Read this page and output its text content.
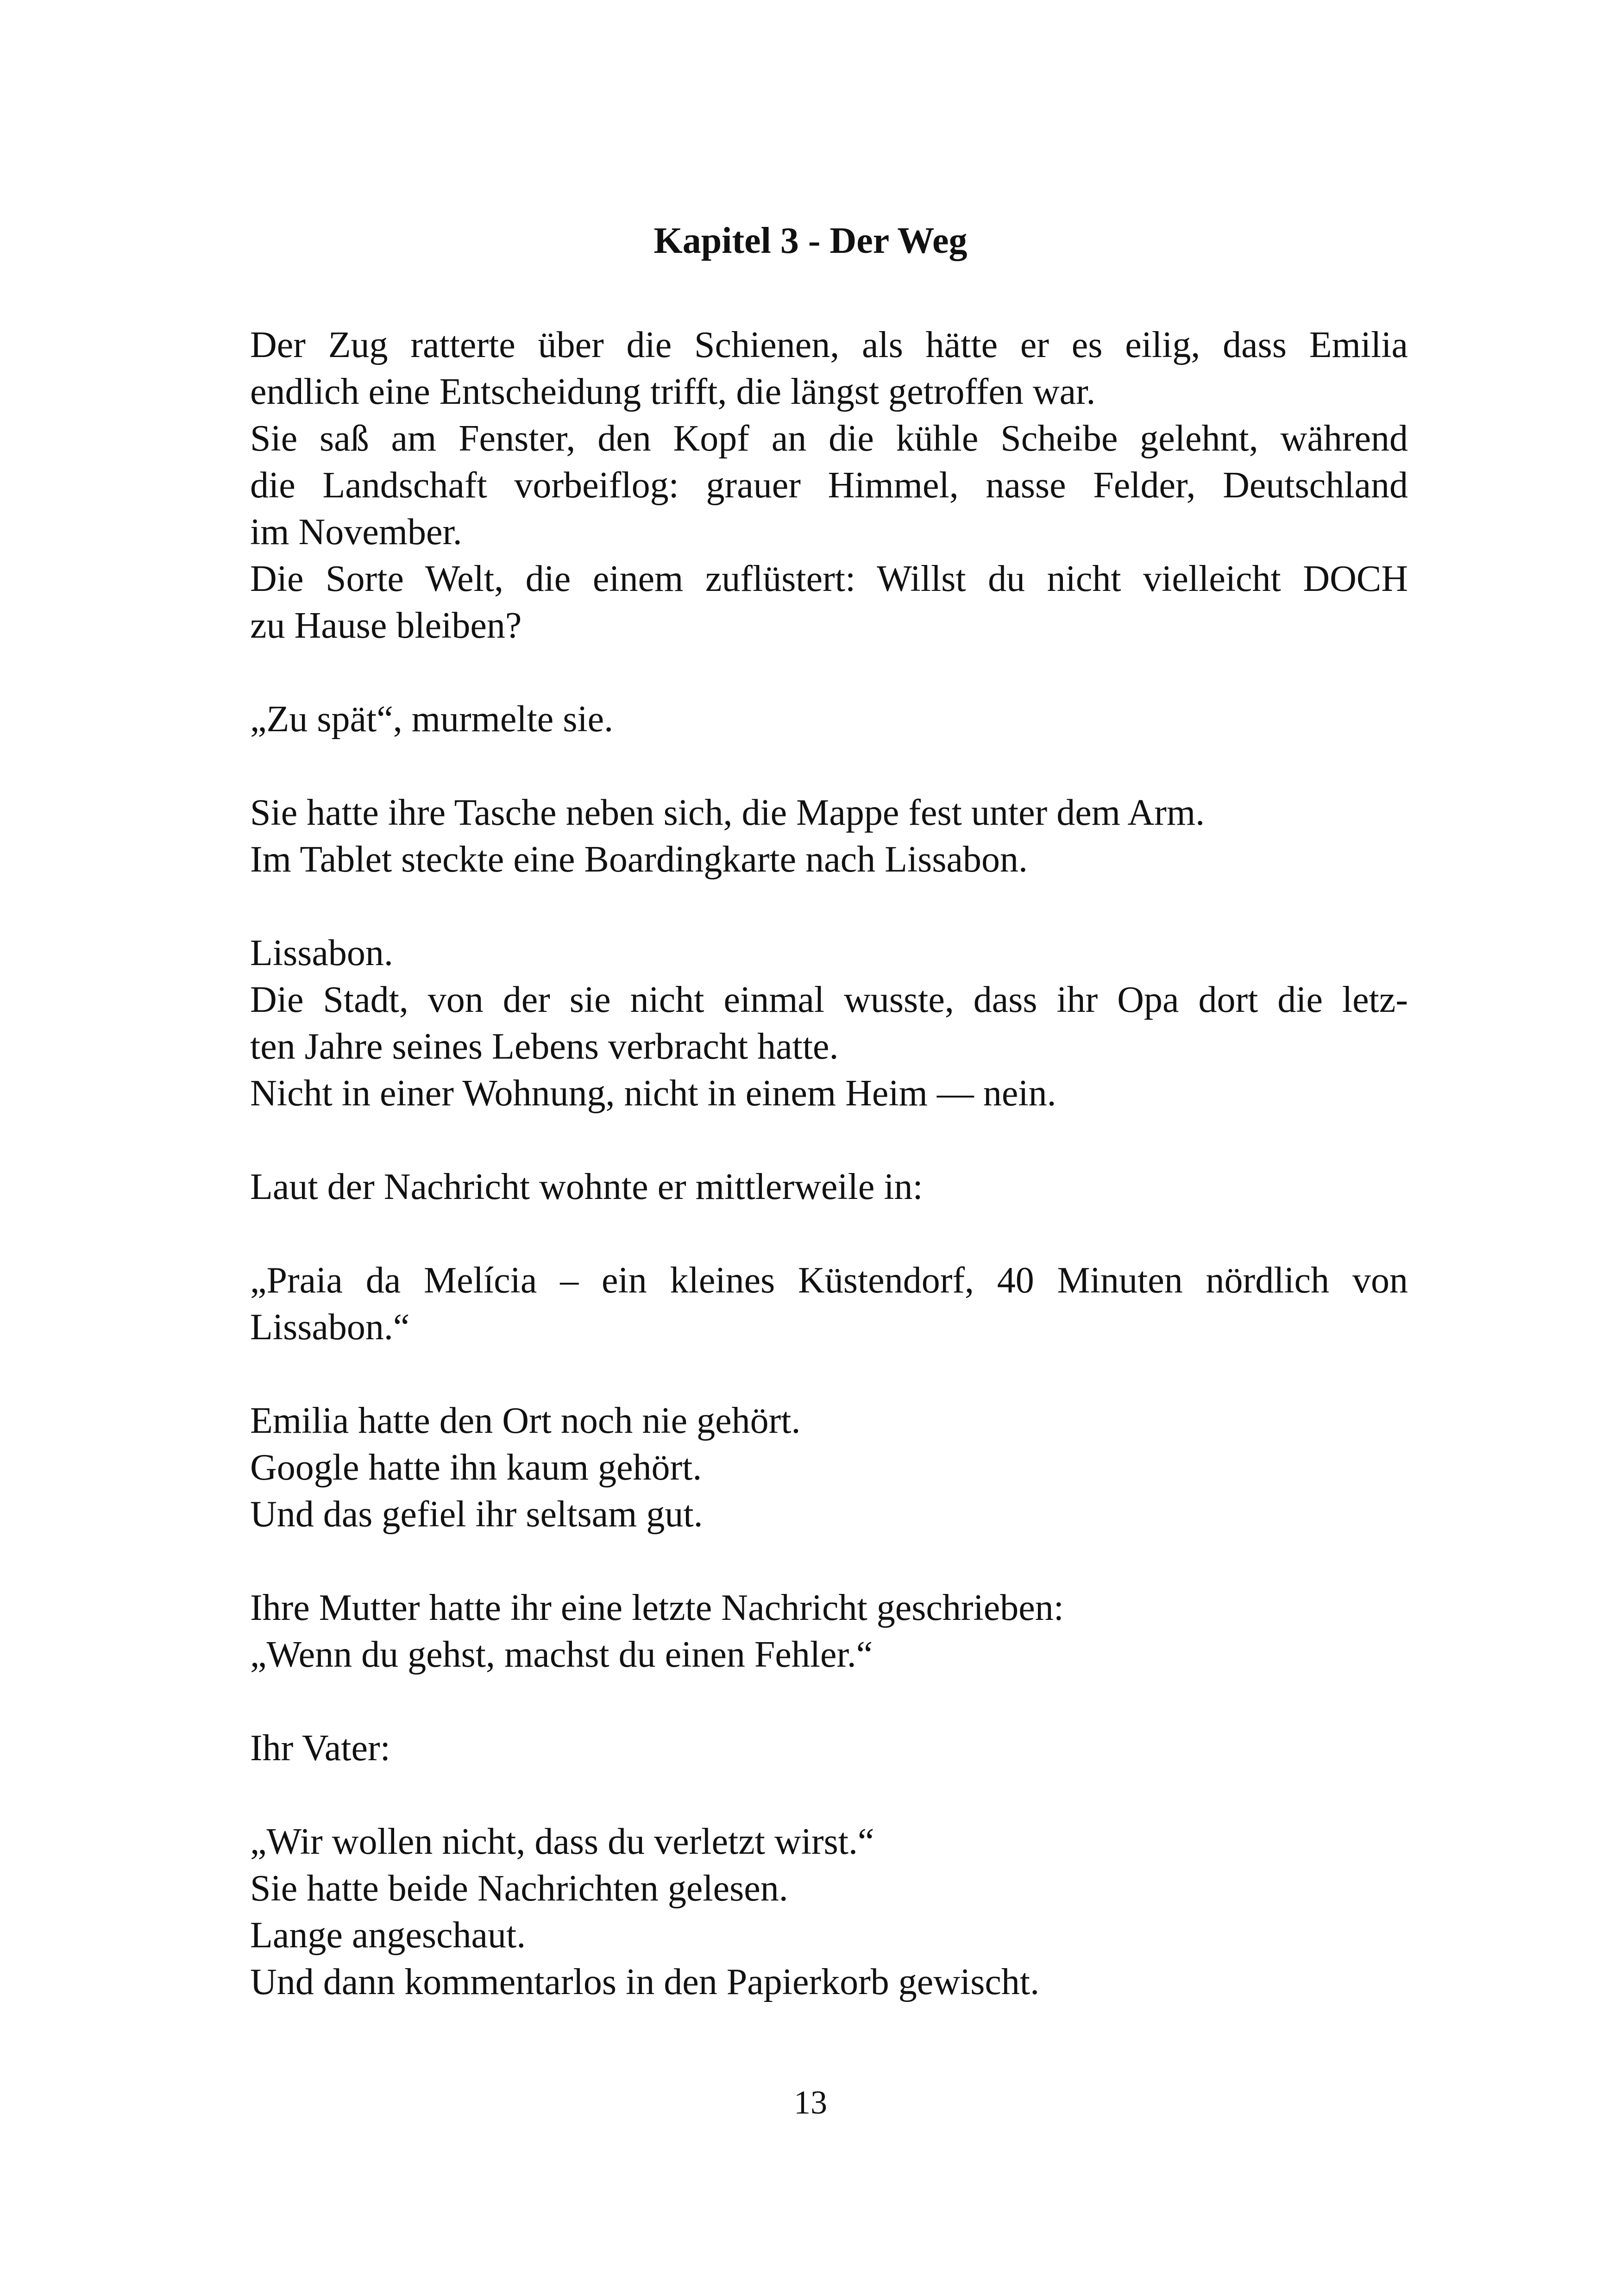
Kapitel 3 - Der Weg

Der Zug ratterte über die Schienen, als hätte er es eilig, dass Emilia
endlich eine Entscheidung trifft, die längst getroffen war.
Sie saß am Fenster, den Kopf an die kühle Scheibe gelehnt, während
die Landschaft vorbeiflog: grauer Himmel, nasse Felder, Deutschland
im November.
Die Sorte Welt, die einem zuflüstert: Willst du nicht vielleicht DOCH
zu Hause bleiben?

„Zu spät“, murmelte sie.

Sie hatte ihre Tasche neben sich, die Mappe fest unter dem Arm.
Im Tablet steckte eine Boardingkarte nach Lissabon.

Lissabon.
Die Stadt, von der sie nicht einmal wusste, dass ihr Opa dort die letz-
ten Jahre seines Lebens verbracht hatte.
Nicht in einer Wohnung, nicht in einem Heim — nein.

Laut der Nachricht wohnte er mittlerweile in:

„Praia da Melícia – ein kleines Küstendorf, 40 Minuten nördlich von
Lissabon.“

Emilia hatte den Ort noch nie gehört.
Google hatte ihn kaum gehört.
Und das gefiel ihr seltsam gut.

Ihre Mutter hatte ihr eine letzte Nachricht geschrieben:
„Wenn du gehst, machst du einen Fehler.“

Ihr Vater:

„Wir wollen nicht, dass du verletzt wirst.“
Sie hatte beide Nachrichten gelesen.
Lange angeschaut.
Und dann kommentarlos in den Papierkorb gewischt.

13
